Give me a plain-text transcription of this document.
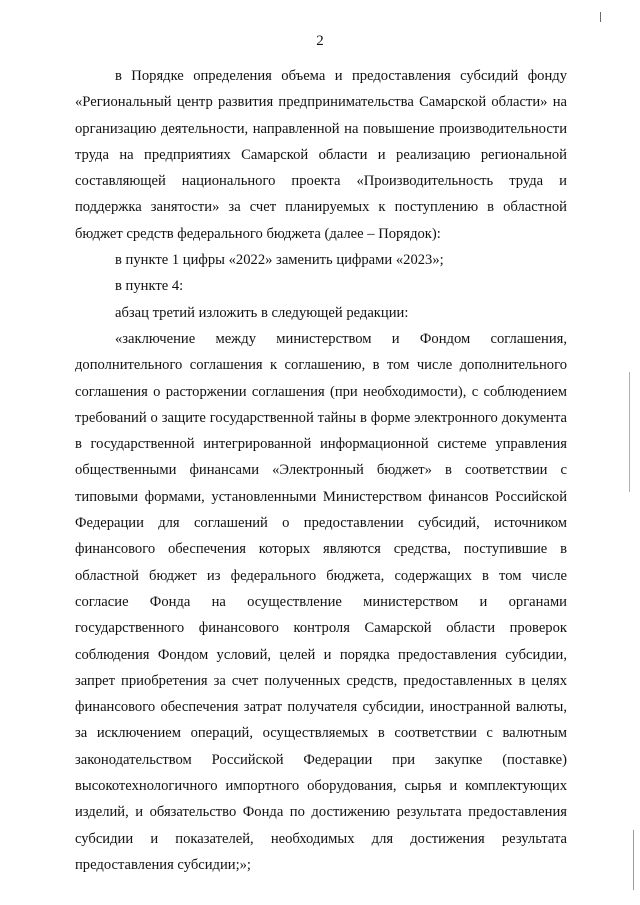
2

в Порядке определения объема и предоставления субсидий фонду «Региональный центр развития предпринимательства Самарской области» на организацию деятельности, направленной на повышение производительности труда на предприятиях Самарской области и реализацию региональной составляющей национального проекта «Производительность труда и поддержка занятости» за счет планируемых к поступлению в областной бюджет средств федерального бюджета (далее – Порядок):

в пункте 1 цифры «2022» заменить цифрами «2023»;

в пункте 4:

абзац третий изложить в следующей редакции:

«заключение между министерством и Фондом соглашения, дополнительного соглашения к соглашению, в том числе дополнительного соглашения о расторжении соглашения (при необходимости), с соблюдением требований о защите государственной тайны в форме электронного документа в государственной интегрированной информационной системе управления общественными финансами «Электронный бюджет» в соответствии с типовыми формами, установленными Министерством финансов Российской Федерации для соглашений о предоставлении субсидий, источником финансового обеспечения которых являются средства, поступившие в областной бюджет из федерального бюджета, содержащих в том числе согласие Фонда на осуществление министерством и органами государственного финансового контроля Самарской области проверок соблюдения Фондом условий, целей и порядка предоставления субсидии, запрет приобретения за счет полученных средств, предоставленных в целях финансового обеспечения затрат получателя субсидии, иностранной валюты, за исключением операций, осуществляемых в соответствии с валютным законодательством Российской Федерации при закупке (поставке) высокотехнологичного импортного оборудования, сырья и комплектующих изделий, и обязательство Фонда по достижению результата предоставления субсидии и показателей, необходимых для достижения результата предоставления субсидии;»;
